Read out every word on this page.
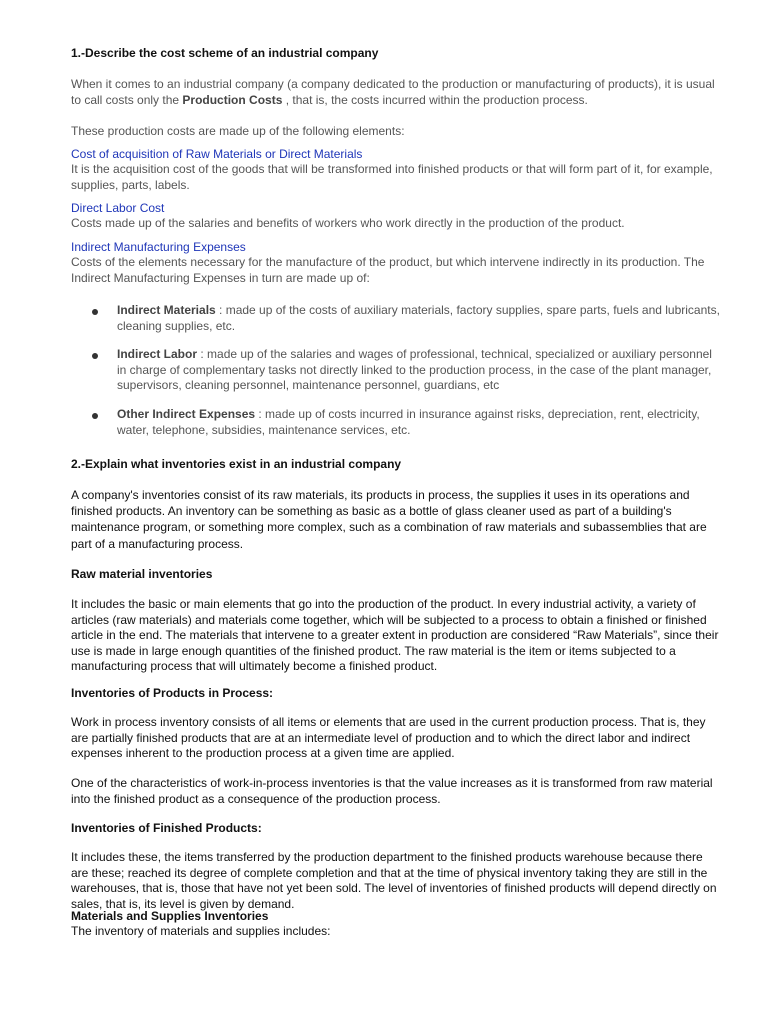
1.-Describe the cost scheme of an industrial company

When it comes to an industrial company (a company dedicated to the production or manufacturing of products), it is usual to call costs only the Production Costs , that is, the costs incurred within the production process.

These production costs are made up of the following elements:

Cost of acquisition of Raw Materials or Direct Materials

It is the acquisition cost of the goods that will be transformed into finished products or that will form part of it, for example, supplies, parts, labels.

Direct Labor Cost

Costs made up of the salaries and benefits of workers who work directly in the production of the product.

Indirect Manufacturing Expenses

Costs of the elements necessary for the manufacture of the product, but which intervene indirectly in its production. The Indirect Manufacturing Expenses in turn are made up of:

Indirect Materials : made up of the costs of auxiliary materials, factory supplies, spare parts, fuels and lubricants, cleaning supplies, etc.

Indirect Labor : made up of the salaries and wages of professional, technical, specialized or auxiliary personnel in charge of complementary tasks not directly linked to the production process, in the case of the plant manager, supervisors, cleaning personnel, maintenance personnel, guardians, etc

Other Indirect Expenses : made up of costs incurred in insurance against risks, depreciation, rent, electricity, water, telephone, subsidies, maintenance services, etc.

2.-Explain what inventories exist in an industrial company

A company's inventories consist of its raw materials, its products in process, the supplies it uses in its operations and finished products. An inventory can be something as basic as a bottle of glass cleaner used as part of a building's maintenance program, or something more complex, such as a combination of raw materials and subassemblies that are part of a manufacturing process.

Raw material inventories

It includes the basic or main elements that go into the production of the product. In every industrial activity, a variety of articles (raw materials) and materials come together, which will be subjected to a process to obtain a finished or finished article in the end. The materials that intervene to a greater extent in production are considered “Raw Materials”, since their use is made in large enough quantities of the finished product. The raw material is the item or items subjected to a manufacturing process that will ultimately become a finished product.

Inventories of Products in Process:

Work in process inventory consists of all items or elements that are used in the current production process. That is, they are partially finished products that are at an intermediate level of production and to which the direct labor and indirect expenses inherent to the production process at a given time are applied.

One of the characteristics of work-in-process inventories is that the value increases as it is transformed from raw material into the finished product as a consequence of the production process.

Inventories of Finished Products:

It includes these, the items transferred by the production department to the finished products warehouse because there are these; reached its degree of complete completion and that at the time of physical inventory taking they are still in the warehouses, that is, those that have not yet been sold. The level of inventories of finished products will depend directly on sales, that is, its level is given by demand.

Materials and Supplies Inventories

The inventory of materials and supplies includes:
